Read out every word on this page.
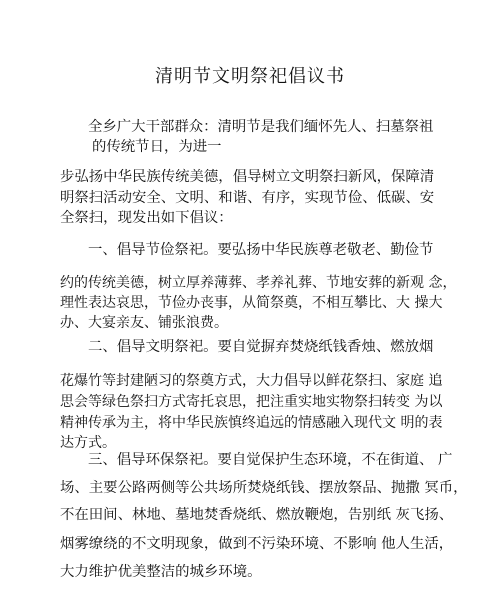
清明节文明祭祀倡议书
全乡广大干部群众：清明节是我们缅怀先人、扫墓祭祖
的传统节日，为进一
步弘扬中华民族传统美德，倡导树立文明祭扫新风，保障清
明祭扫活动安全、文明、和谐、有序，实现节俭、低碳、安
全祭扫，现发出如下倡议：
一、倡导节俭祭祀。要弘扬中华民族尊老敬老、勤俭节
约的传统美德，树立厚养薄葬、孝养礼葬、节地安葬的新观 念，
理性表达哀思，节俭办丧事，从简祭奠，不相互攀比、大 操大
办、大宴亲友、铺张浪费。
二、倡导文明祭祀。要自觉摒弃焚烧纸钱香烛、燃放烟
花爆竹等封建陋习的祭奠方式，大力倡导以鲜花祭扫、家庭 追
思会等绿色祭扫方式寄托哀思，把注重实地实物祭扫转变 为以
精神传承为主，将中华民族慎终追远的情感融入现代文 明的表
达方式。
三、倡导环保祭祀。要自觉保护生态环境，不在街道、 广
场、主要公路两侧等公共场所焚烧纸钱、摆放祭品、抛撒 冥币，
不在田间、林地、墓地焚香烧纸、燃放鞭炮，告别纸 灰飞扬、
烟雾缭绕的不文明现象，做到不污染环境、不影响 他人生活，
大力维护优美整洁的城乡环境。
